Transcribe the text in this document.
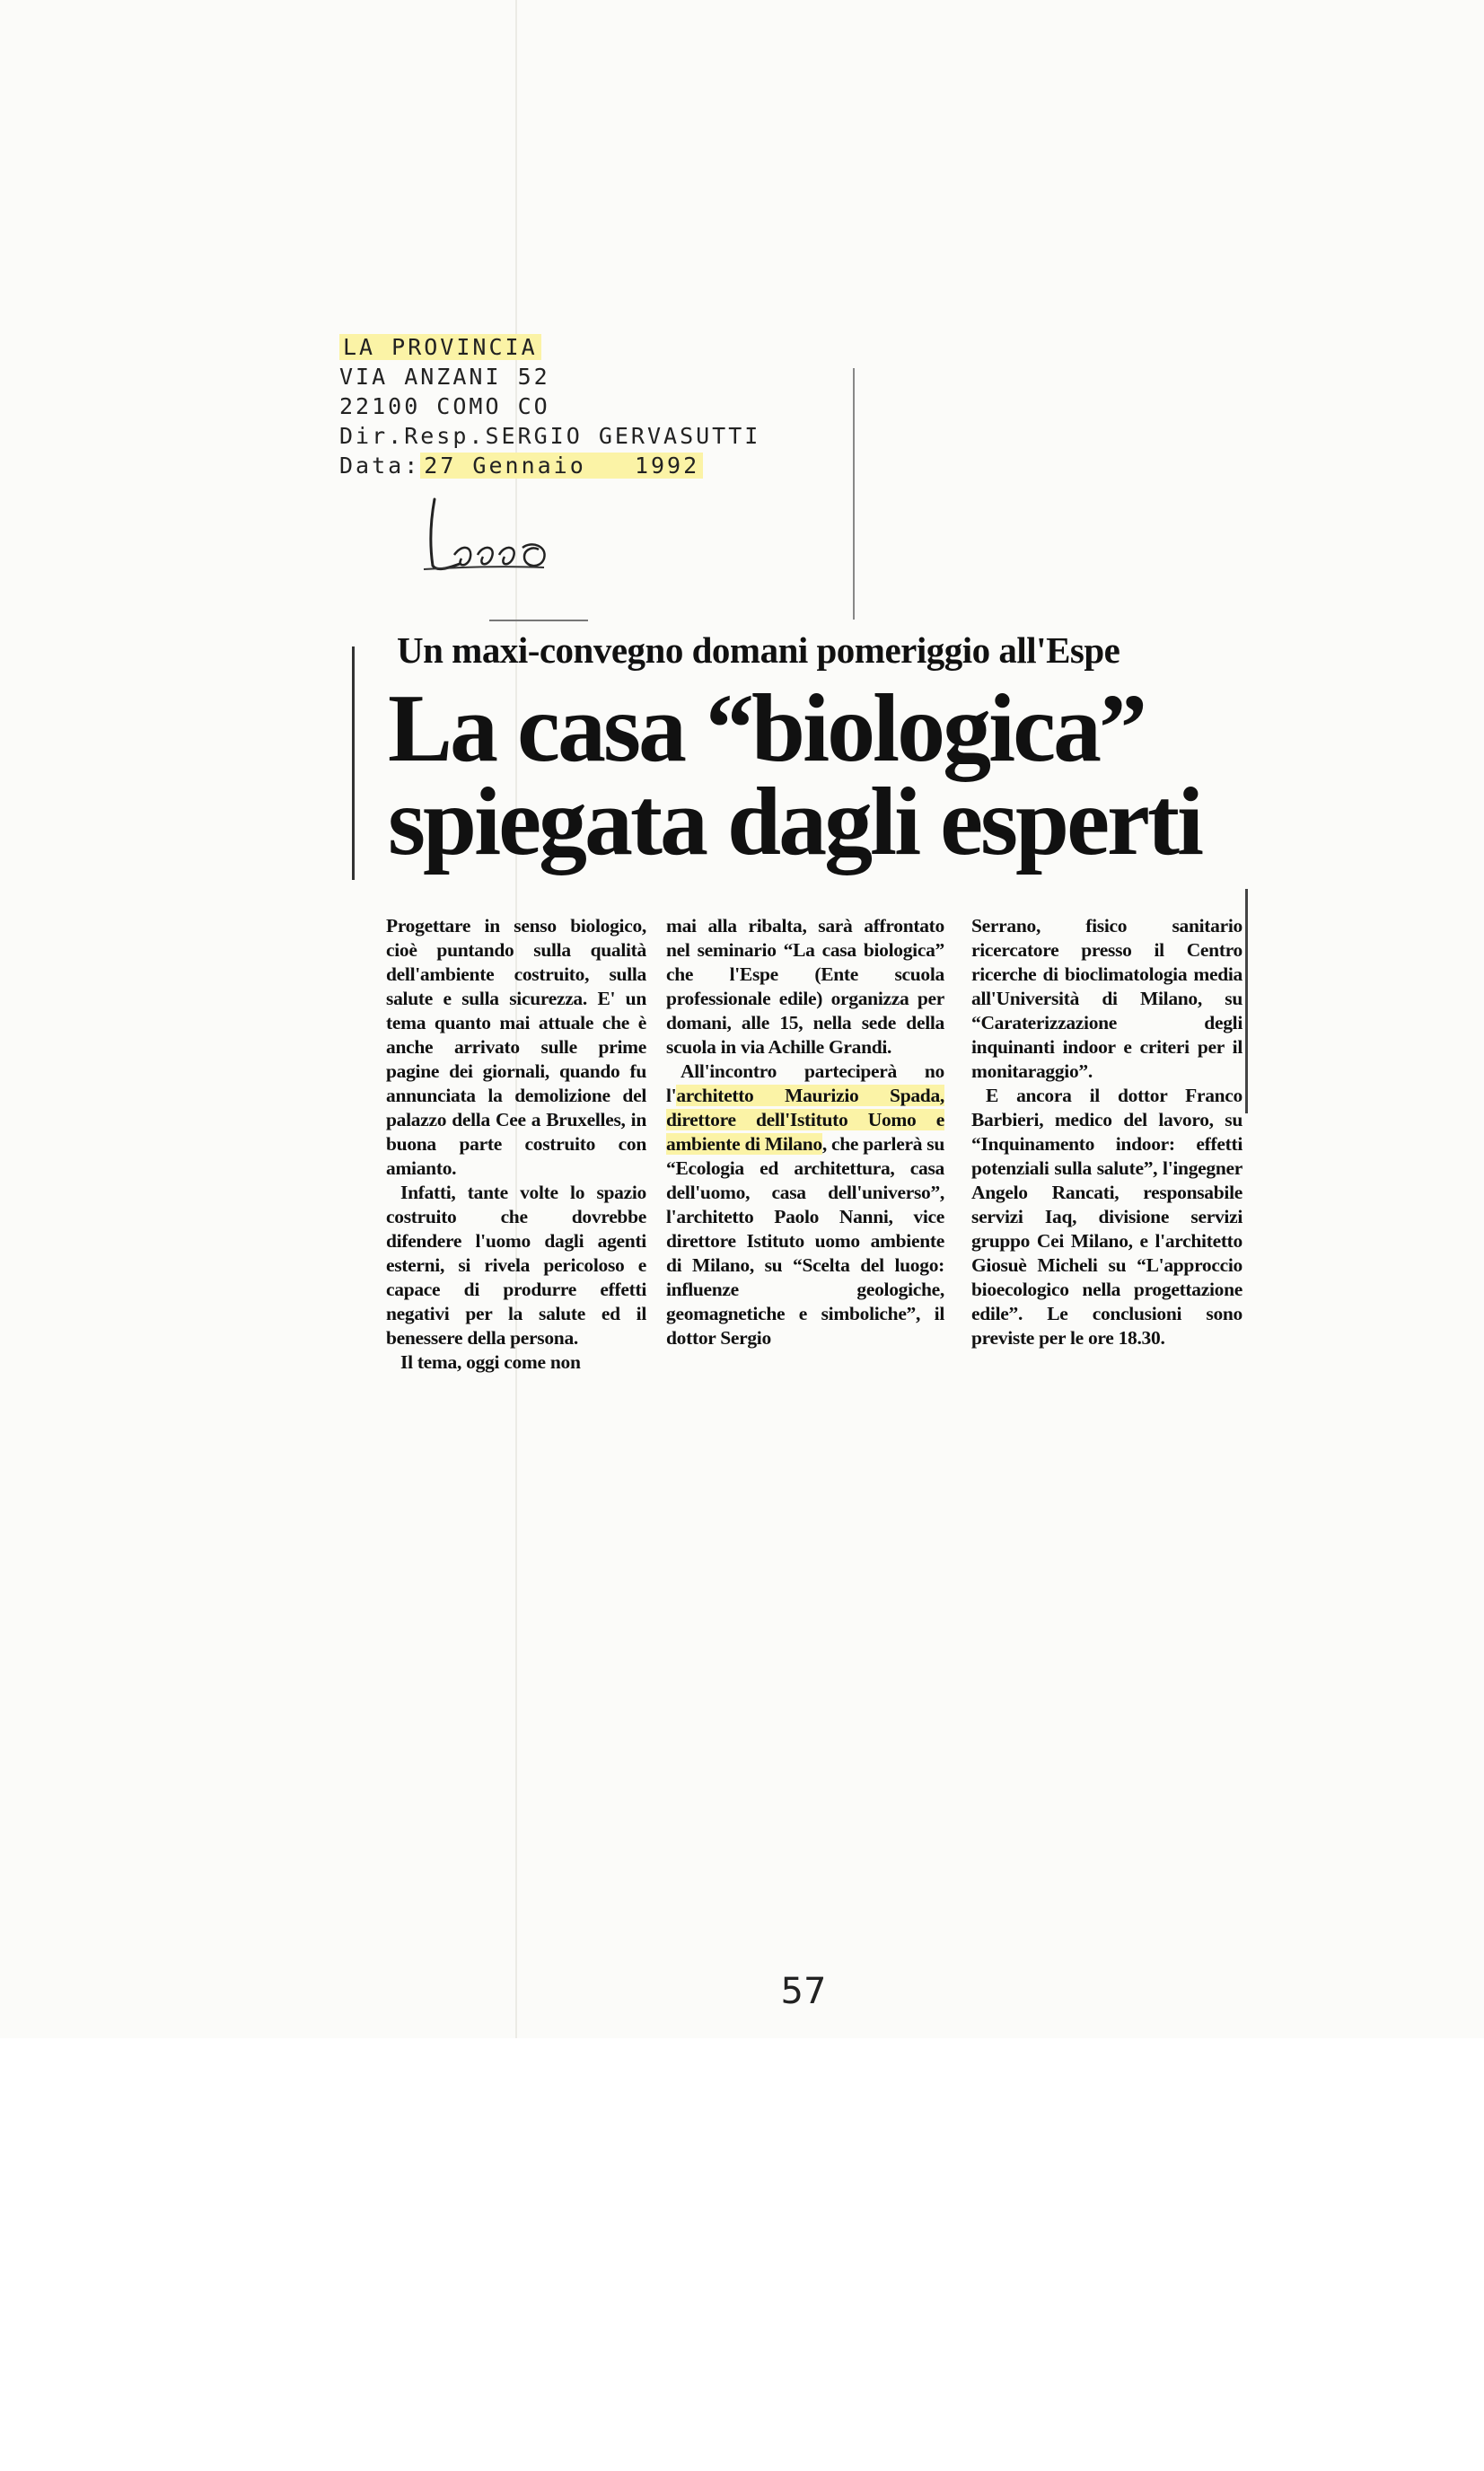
LA PROVINCIA
VIA ANZANI 52
22100 COMO CO
Dir.Resp.SERGIO GERVASUTTI
Data: 27 Gennaio 1992
Un maxi-convegno domani pomeriggio all'Espe
La casa “biologica”
spiegata dagli esperti

Progettare in senso biologico, cioè puntando sulla qualità dell'ambiente costruito, sulla salute e sulla sicurezza. E' un tema quanto mai attuale che è anche arrivato sulle prime pagine dei giornali, quando fu annunciata la demolizione del palazzo della Cee a Bruxelles, in buona parte costruito con amianto.

Infatti, tante volte lo spazio costruito che dovrebbe difendere l'uomo dagli agenti esterni, si rivela pericoloso e capace di produrre effetti negativi per la salute ed il benessere della persona.

Il tema, oggi come non

mai alla ribalta, sarà affrontato nel seminario “La casa biologica” che l'Espe (Ente scuola professionale edile) organizza per domani, alle 15, nella sede della scuola in via Achille Grandi.

All'incontro parteciperà no l'architetto Maurizio Spada, direttore dell'Istituto Uomo e ambiente di Milano, che parlerà su “Ecologia ed architettura, casa dell'uomo, casa dell'universo”, l'architetto Paolo Nanni, vice direttore Istituto uomo ambiente di Milano, su “Scelta del luogo: influenze geologiche, geomagnetiche e simboliche”, il dottor Sergio

Serrano, fisico sanitario ricercatore presso il Centro ricerche di bioclimatologia media all'Università di Milano, su “Caraterizzazione degli inquinanti indoor e criteri per il monitaraggio”.

E ancora il dottor Franco Barbieri, medico del lavoro, su “Inquinamento indoor: effetti potenziali sulla salute”, l'ingegner Angelo Rancati, responsabile servizi Iaq, divisione servizi gruppo Cei Milano, e l'architetto Giosuè Micheli su “L'approccio bioecologico nella progettazione edile”. Le conclusioni sono previste per le ore 18.30.

57
